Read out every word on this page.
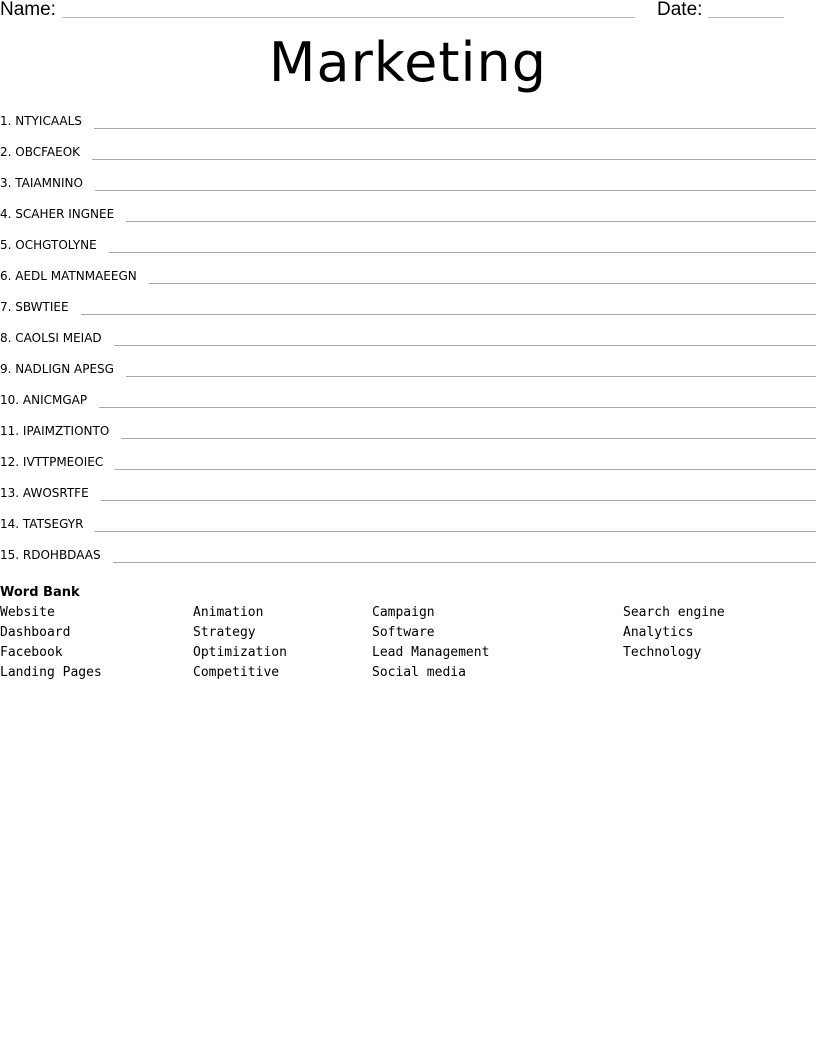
Name:	Date:
Marketing
1. NTYICAALS
2. OBCFAEOK
3. TAIAMNINO
4. SCAHER INGNEE
5. OCHGTOLYNE
6. AEDL MATNMAEEGN
7. SBWTIEE
8. CAOLSI MEIAD
9. NADLIGN APESG
10. ANICMGAP
11. IPAIMZTIONTO
12. IVTTPMEOIEC
13. AWOSRTFE
14. TATSEGYR
15. RDOHBDAAS
Word Bank
Website
Dashboard
Facebook
Landing Pages
Animation
Strategy
Optimization
Competitive
Campaign
Software
Lead Management
Social media
Search engine
Analytics
Technology
